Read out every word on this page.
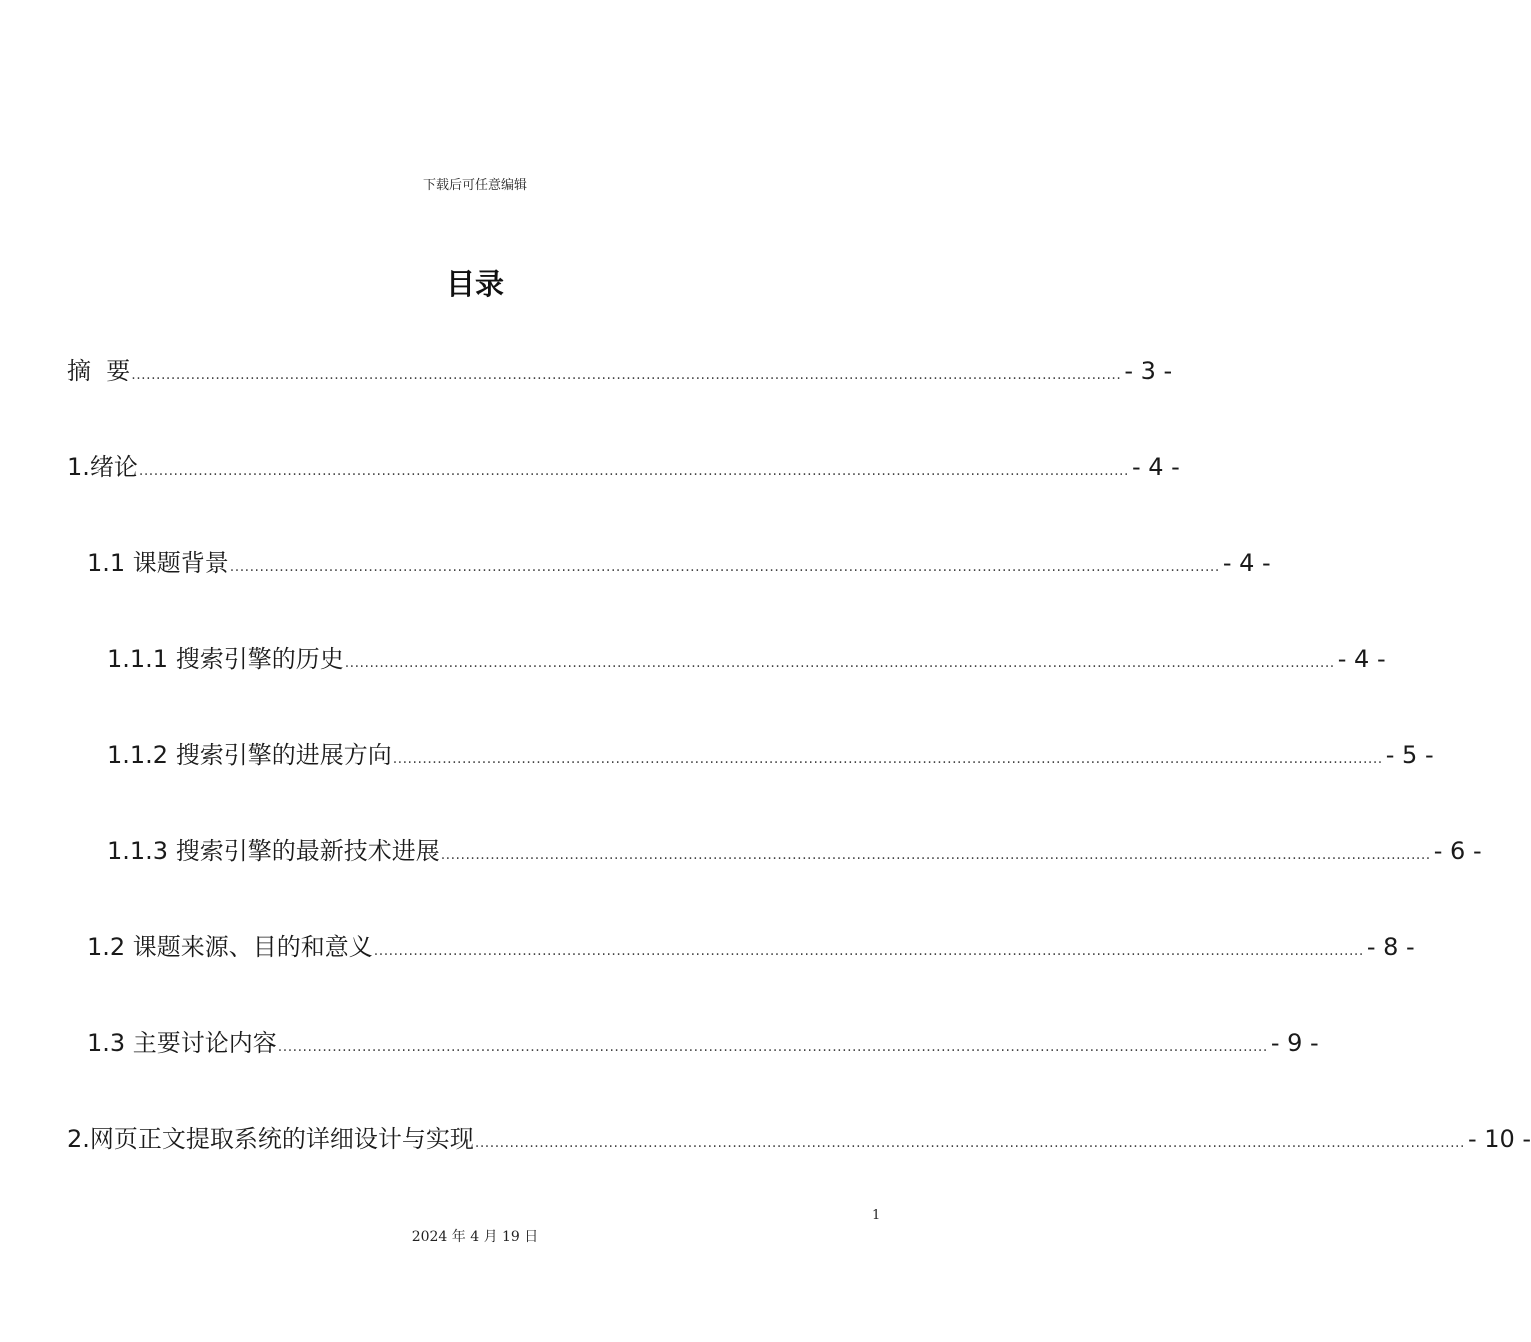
下载后可任意编辑
目录
摘  要 ........................................................................................................................................................................................................ - 3 -
1.绪论 ........................................................................................................................................................................................................ - 4 -
1.1 课题背景 ........................................................................................................................................................................................................ - 4 -
1.1.1 搜索引擎的历史 ........................................................................................................................................................................................................ - 4 -
1.1.2 搜索引擎的进展方向 ........................................................................................................................................................................................................ - 5 -
1.1.3 搜索引擎的最新技术进展 ........................................................................................................................................................................................................ - 6 -
1.2 课题来源、目的和意义 ........................................................................................................................................................................................................ - 8 -
1.3 主要讨论内容 ........................................................................................................................................................................................................ - 9 -
2.网页正文提取系统的详细设计与实现 ........................................................................................................................................................................................................ - 10 -
1
2024 年 4 月 19 日
